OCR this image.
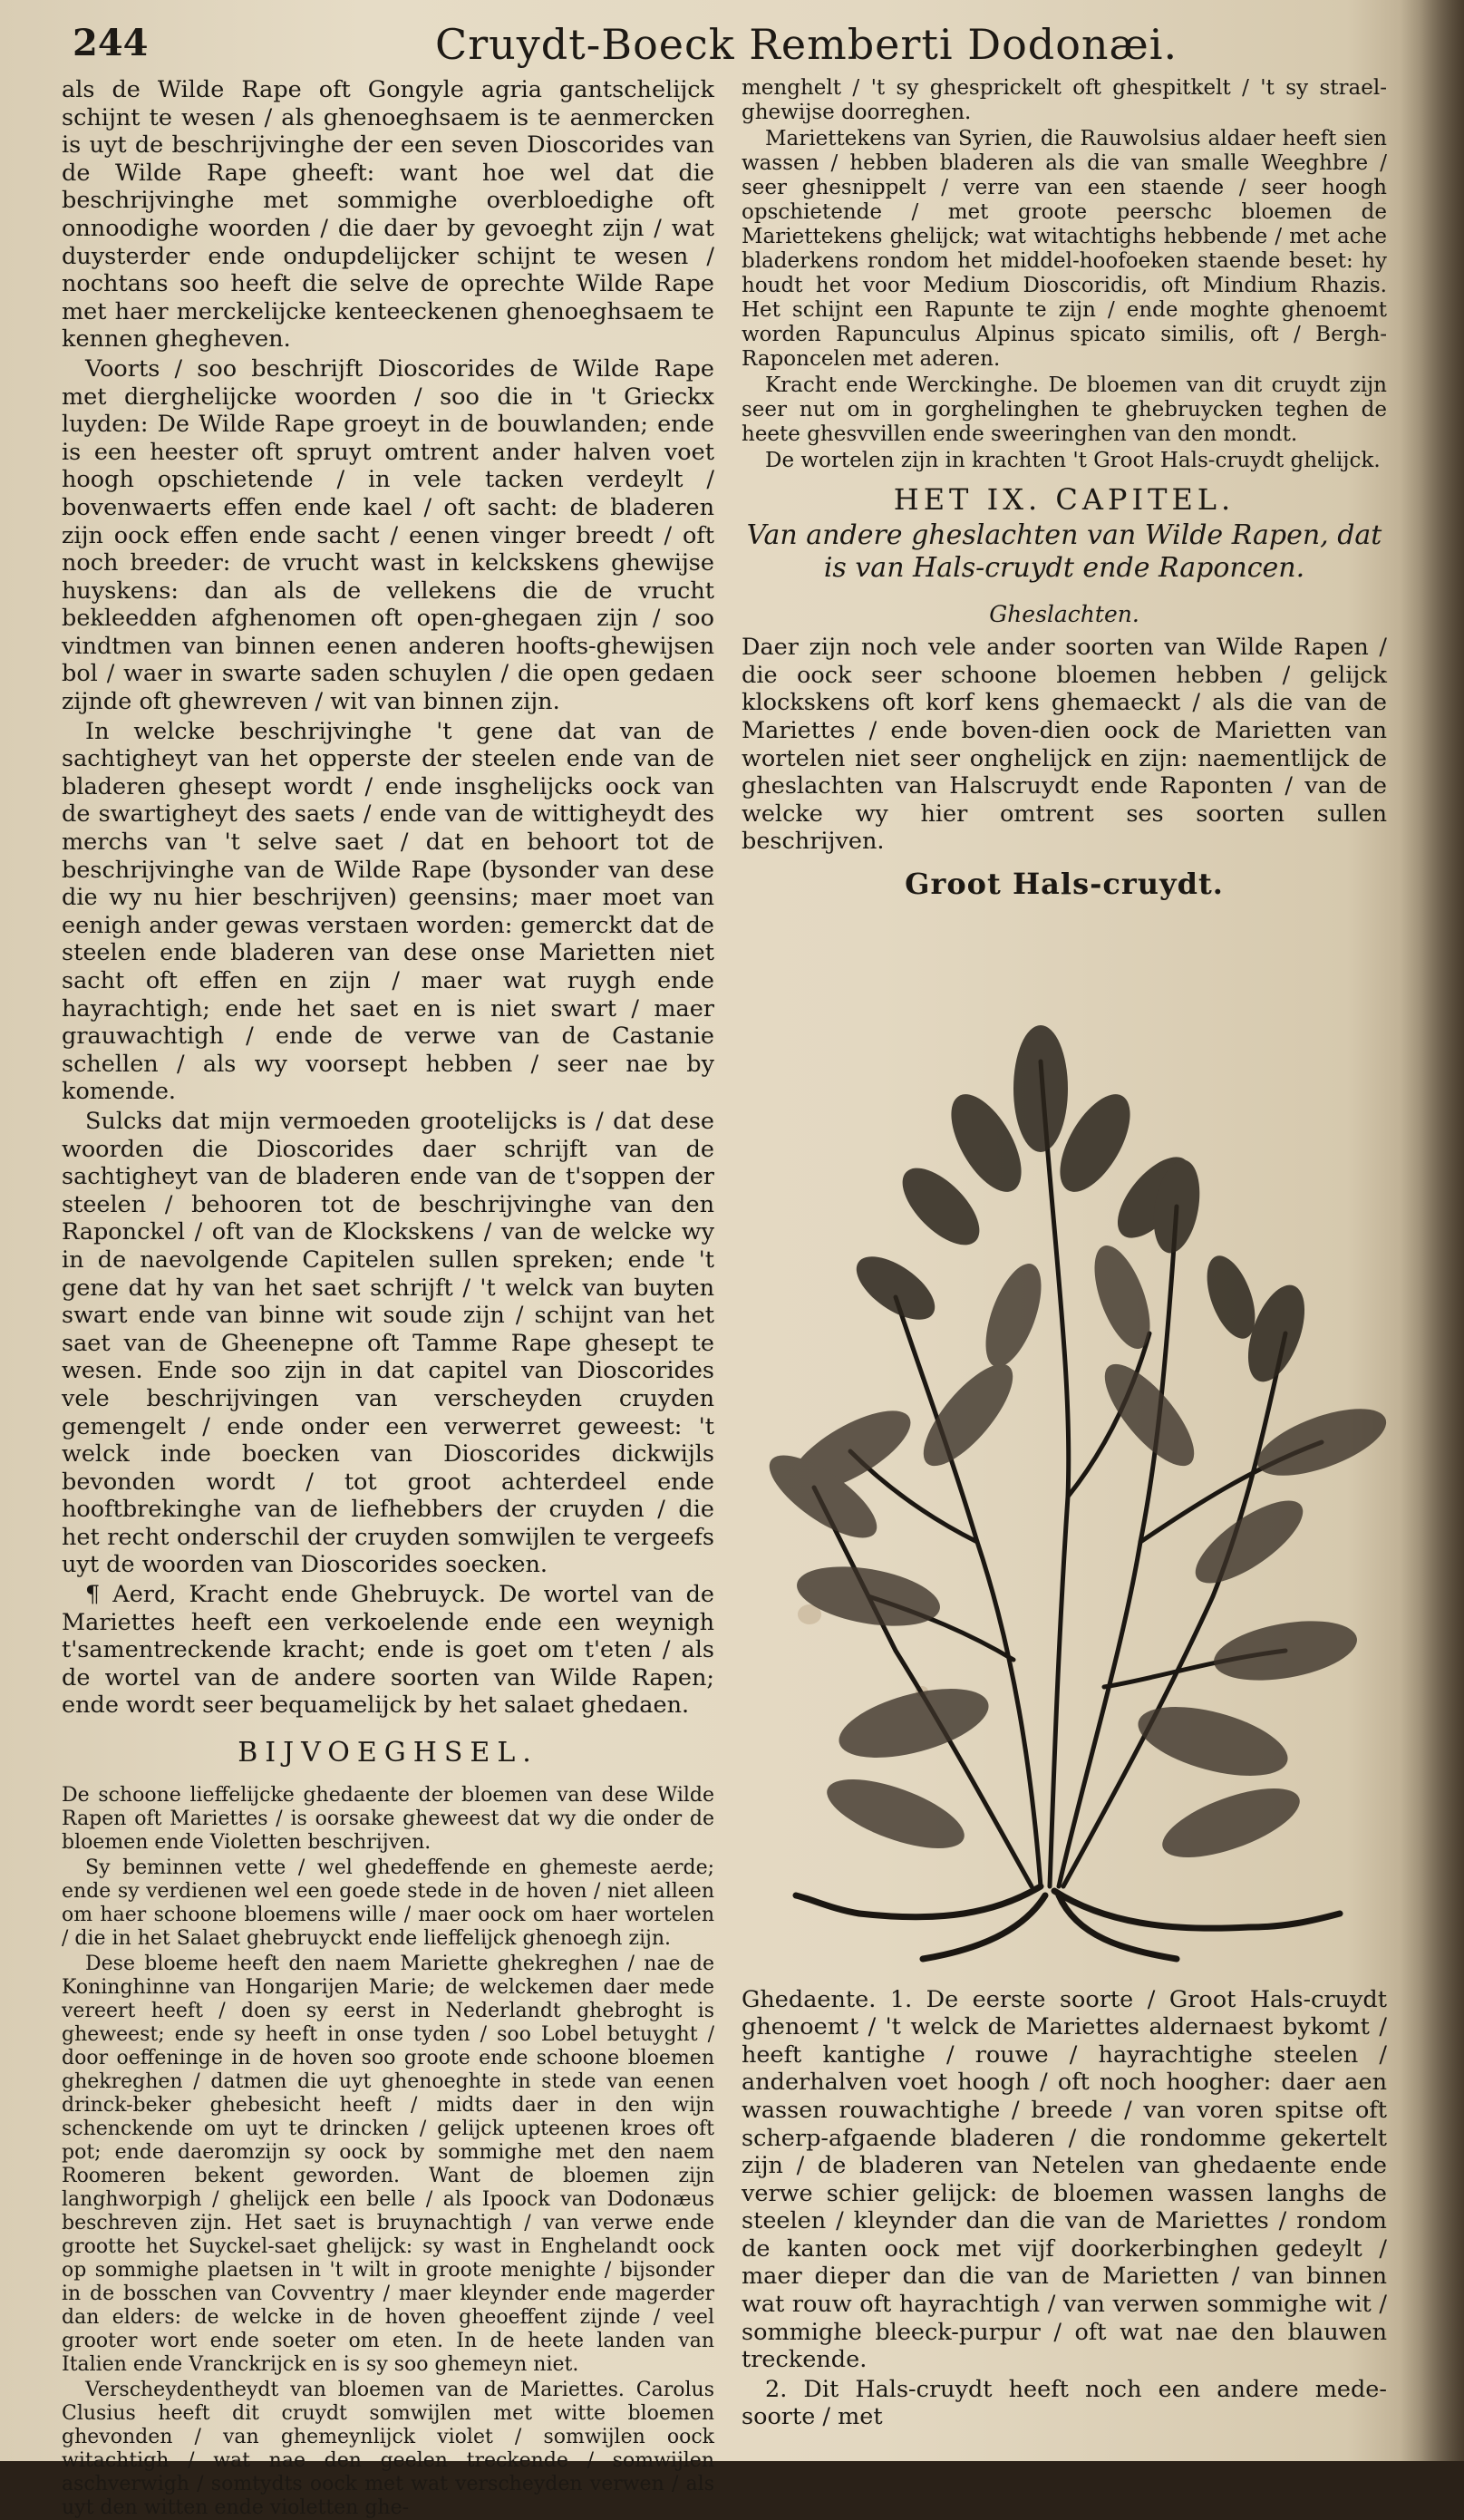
244	Cruydt-Boeck Remberti Dodonæi.

als de Wilde Rape oft Gongyle agria gantschelijck schijnt te wesen / als ghenoeghsaem is te aenmercken is uyt de beschrijvinghe der een seven Dioscorides van de Wilde Rape gheeft: want hoe wel dat die beschrijvinghe met sommighe overbloedighe oft onnoodighe woorden / die daer by gevoeght zijn / wat duysterder ende ondupdelijcker schijnt te wesen / nochtans soo heeft die selve de oprechte Wilde Rape met haer merckelijcke kenteeckenen ghenoeghsaem te kennen ghegheven.

Voorts / soo beschrijft Dioscorides de Wilde Rape met dierghelijcke woorden / soo die in 't Grieckx luyden: De Wilde Rape groeyt in de bouwlanden; ende is een heester oft spruyt omtrent ander halven voet hoogh opschietende / in vele tacken verdeylt / bovenwaerts effen ende kael / oft sacht: de bladeren zijn oock effen ende sacht / eenen vinger breedt / oft noch breeder: de vrucht wast in kelckskens ghewijse huyskens: dan als de vellekens die de vrucht bekleedden afghenomen oft open-ghegaen zijn / soo vindtmen van binnen eenen anderen hoofts-ghewijsen bol / waer in swarte saden schuylen / die open gedaen zijnde oft ghewreven / wit van binnen zijn.

In welcke beschrijvinghe 't gene dat van de sachtigheyt van het opperste der steelen ende van de bladeren ghesept wordt / ende insghelijcks oock van de swartigheyt des saets / ende van de wittigheydt des merchs van 't selve saet / dat en behoort tot de beschrijvinghe van de Wilde Rape (bysonder van dese die wy nu hier beschrijven) geensins; maer moet van eenigh ander gewas verstaen worden: gemerckt dat de steelen ende bladeren van dese onse Marietten niet sacht oft effen en zijn / maer wat ruygh ende hayrachtigh; ende het saet en is niet swart / maer grauwachtigh / ende de verwe van de Castanie schellen / als wy voorsept hebben / seer nae by komende.

Sulcks dat mijn vermoeden grootelijcks is / dat dese woorden die Dioscorides daer schrijft van de sachtigheyt van de bladeren ende van de t'soppen der steelen / behooren tot de beschrijvinghe van den Raponckel / oft van de Klockskens / van de welcke wy in de naevolgende Capitelen sullen spreken; ende 't gene dat hy van het saet schrijft / 't welck van buyten swart ende van binne wit soude zijn / schijnt van het saet van de Gheenepne oft Tamme Rape ghesept te wesen. Ende soo zijn in dat capitel van Dioscorides vele beschrijvingen van verscheyden cruyden gemengelt / ende onder een verwerret geweest: 't welck inde boecken van Dioscorides dickwijls bevonden wordt / tot groot achterdeel ende hooftbrekinghe van de liefhebbers der cruyden / die het recht onderschil der cruyden somwijlen te vergeefs uyt de woorden van Dioscorides soecken.

¶ Aerd, Kracht ende Ghebruyck. De wortel van de Mariettes heeft een verkoelende ende een weynigh t'samentreckende kracht; ende is goet om t'eten / als de wortel van de andere soorten van Wilde Rapen; ende wordt seer bequamelijck by het salaet ghedaen.

BIJVOEGHSEL.

De schoone lieffelijcke ghedaente der bloemen van dese Wilde Rapen oft Mariettes / is oorsake gheweest dat wy die onder de bloemen ende Violetten beschrijven.

Sy beminnen vette / wel ghedeffende en ghemeste aerde; ende sy verdienen wel een goede stede in de hoven / niet alleen om haer schoone bloemens wille / maer oock om haer wortelen / die in het Salaet ghebruyckt ende lieffelijck ghenoegh zijn.

Dese bloeme heeft den naem Mariette ghekreghen / nae de Koninghinne van Hongarijen Marie; de welckemen daer mede vereert heeft / doen sy eerst in Nederlandt ghebroght is gheweest; ende sy heeft in onse tyden / soo Lobel betuyght / door oeffeninge in de hoven soo groote ende schoone bloemen ghekreghen / datmen die uyt ghenoeghte in stede van eenen drinck-beker ghebesicht heeft / midts daer in den wijn schenckende om uyt te drincken / gelijck upteenen kroes oft pot; ende daeromzijn sy oock by sommighe met den naem Roomeren bekent geworden. Want de bloemen zijn langhworpigh / ghelijck een belle / als Ipoock van Dodonæus beschreven zijn. Het saet is bruynachtigh / van verwe ende grootte het Suyckel-saet ghelijck: sy wast in Enghelandt oock op sommighe plaetsen in 't wilt in groote menighte / bijsonder in de bosschen van Covventry / maer kleynder ende magerder dan elders: de welcke in de hoven gheoeffent zijnde / veel grooter wort ende soeter om eten. In de heete landen van Italien ende Vranckrijck en is sy soo ghemeyn niet.

Verscheydentheydt van bloemen van de Mariettes. Carolus Clusius heeft dit cruydt somwijlen met witte bloemen ghevonden / van ghemeynlijck violet / somwijlen oock witachtigh / wat nae den geelen treckende / somwijlen aschverwigh / somtydts oock met wat verscheyden verwen / als uyt den witten ende violetten ghe-

menghelt / 't sy ghesprickelt oft ghespitkelt / 't sy strael-ghewijse doorreghen.

Mariettekens van Syrien, die Rauwolsius aldaer heeft sien wassen / hebben bladeren als die van smalle Weeghbre / seer ghesnippelt / verre van een staende / seer hoogh opschietende / met groote peerschc bloemen de Mariettekens ghelijck; wat witachtighs hebbende / met ache bladerkens rondom het middel-hoofoeken staende beset: hy houdt het voor Medium Dioscoridis, oft Mindium Rhazis. Het schijnt een Rapunte te zijn / ende moghte ghenoemt worden Rapunculus Alpinus spicato similis, oft / Bergh-Raponcelen met aderen.

Kracht ende Werckinghe. De bloemen van dit cruydt zijn seer nut om in gorghelinghen te ghebruycken teghen de heete ghesvvillen ende sweeringhen van den mondt.

De wortelen zijn in krachten 't Groot Hals-cruydt ghelijck.

HET IX. CAPITEL.
Van andere gheslachten van Wilde Rapen, dat is van Hals-cruydt ende Raponcen.
Gheslachten.

Daer zijn noch vele ander soorten van Wilde Rapen / die oock seer schoone bloemen hebben / gelijck klockskens oft korf kens ghemaeckt / als die van de Mariettes / ende boven-dien oock de Marietten van wortelen niet seer onghelijck en zijn: naementlijck de gheslachten van Halscruydt ende Raponten / van de welcke wy hier omtrent ses soorten sullen beschrijven.

Groot Hals-cruydt.

Ghedaente. 1. De eerste soorte / Groot Hals-cruydt ghenoemt / 't welck de Mariettes aldernaest bykomt / heeft kantighe / rouwe / hayrachtighe steelen / anderhalven voet hoogh / oft noch hoogher: daer aen wassen rouwachtighe / breede / van voren spitse oft scherp-afgaende bladeren / die rondomme gekertelt zijn / de bladeren van Netelen van ghedaente ende verwe schier gelijck: de bloemen wassen langhs de steelen / kleynder dan die van de Mariettes / rondom de kanten oock met vijf doorkerbinghen gedeylt / maer dieper dan die van de Marietten / van binnen wat rouw oft hayrachtigh / van verwen sommighe wit / sommighe bleeck-purpur / oft wat nae den blauwen treckende.

2. Dit Hals-cruydt heeft noch een andere mede-soorte / met
